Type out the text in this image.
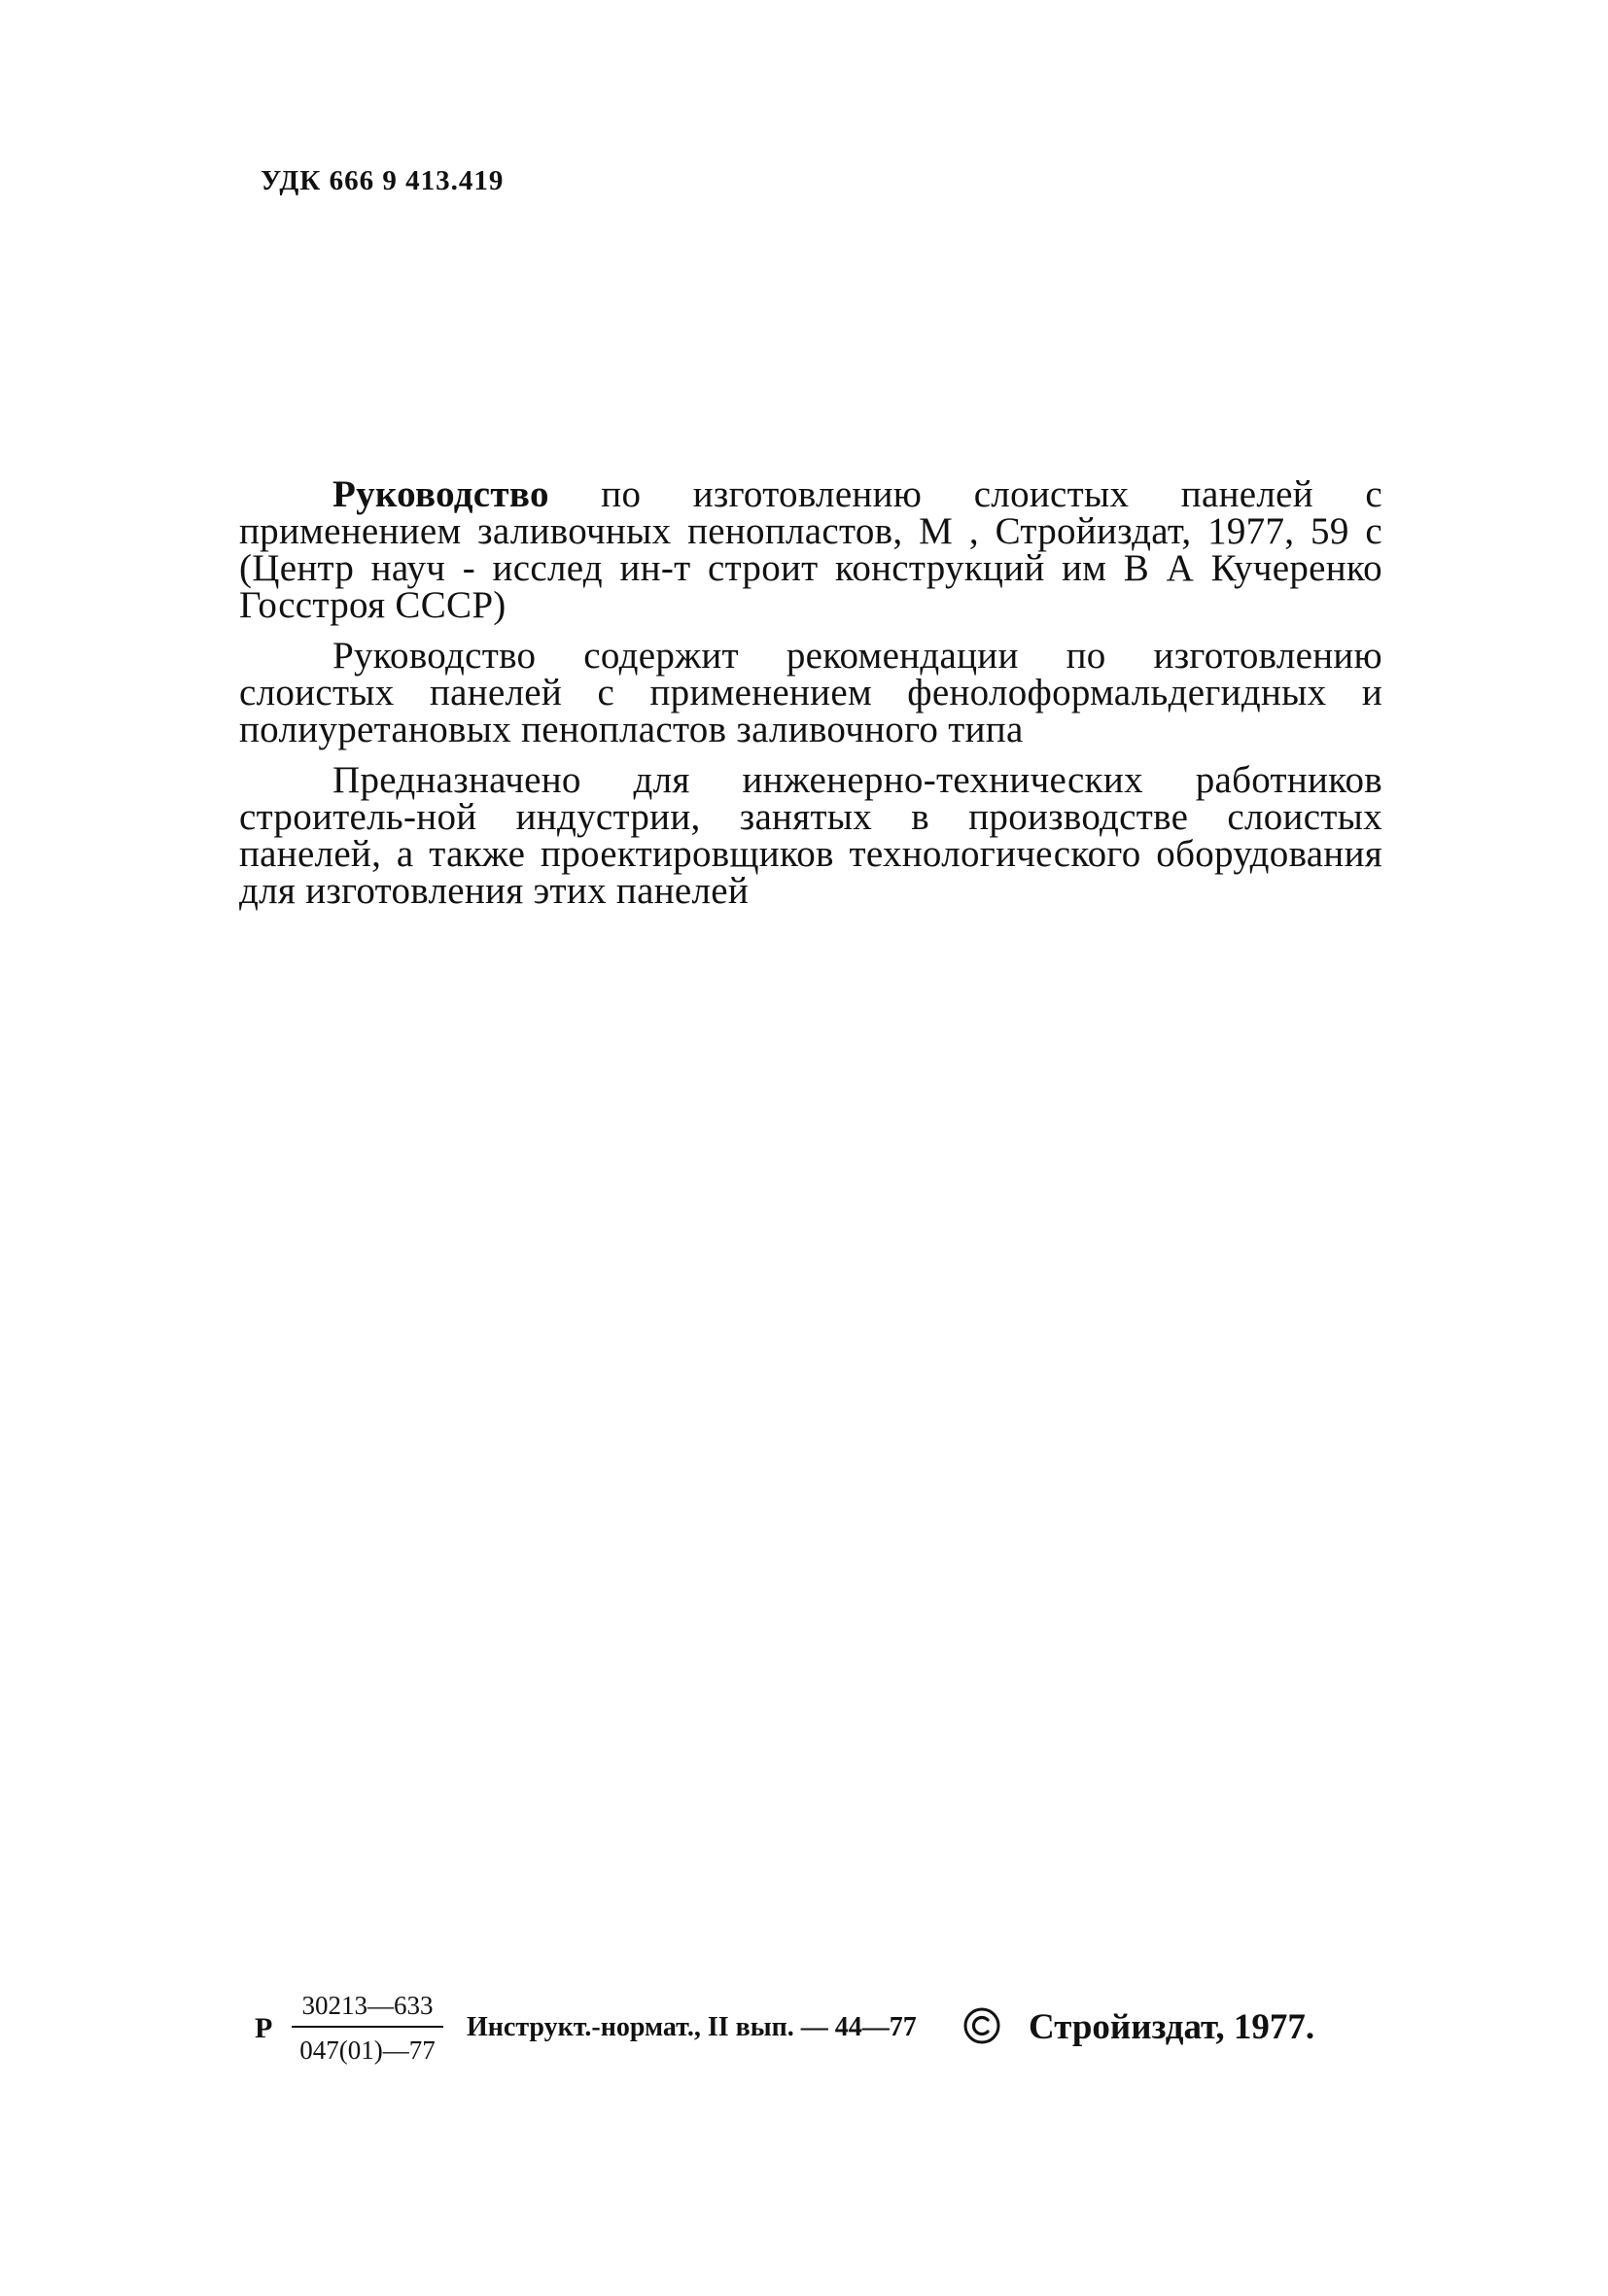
УДК 666 9 413.419

Руководство по изготовлению слоистых панелей с применением заливочных пенопластов, М , Стройиздат, 1977, 59 с (Центр науч - исслед ин-т строит конструкций им В А Кучеренко Госстроя СССР)

Руководство содержит рекомендации по изготовлению слоистых панелей с применением фенолоформальдегидных и полиуретановых пенопластов заливочного типа

Предназначено для инженерно-технических работников строитель-ной индустрии, занятых в производстве слоистых панелей, а также проектировщиков технологического оборудования для изготовления этих панелей

Р $\frac{30213—633}{047(01)—77}$ Инструкт.-нормат., II вып. — 44—77	Стройиздат, 1977.
